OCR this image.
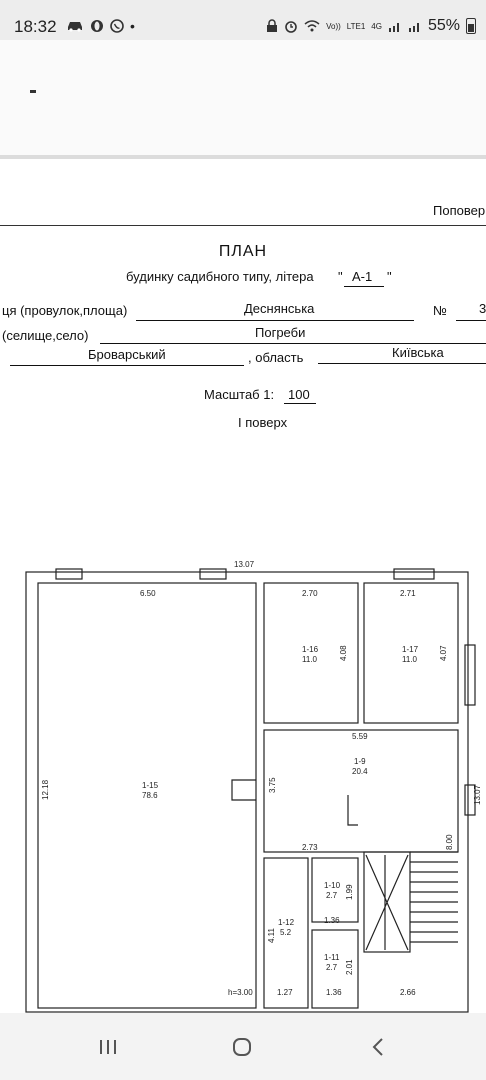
18:32	•	Vo)) LTE1 4G	55%
Поповер
ПЛАН
будинку садибного типу, літера " А-1 "
ця (провулок,площа)	Деснянська	№ 3
(селище,село)	Погреби
Броварський	, область	Київська
Масштаб 1: 100
І поверх
13.07
6.50	2.70	2.71
4.08	4.07
5.59
3.75
2.73
13.07
8.00
12.18
1.99
1.36
2.01
4.11
h=3.00	1.27	1.36	2.66
1-15
78.6
1-16
11.0
1-17
11.0
1-9
20.4
1-10
2.7
1-11
2.7
1-12
5.2
